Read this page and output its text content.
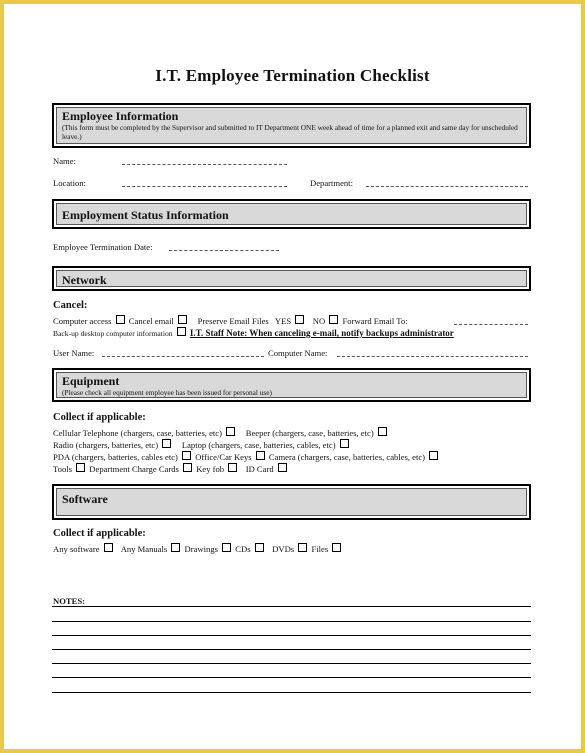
I.T. Employee Termination Checklist
Employee Information
(This form must be completed by the Supervisor and submitted to IT Department ONE week ahead of time for a planned exit and same day for unscheduled leave.)
Name:
Location:	Department:
Employment Status Information
Employee Termination Date:
Network
Cancel:
Computer access Cancel email	Preserve Email Files YES	NO Forward Email To:
Back-up desktop computer information I.T. Staff Note: When canceling e-mail, notify backups administrator
User Name:	Computer Name:
Equipment
(Please check all equipment employee has been issued for personal use)
Collect if applicable:
Cellular Telephone (chargers, case, batteries, etc)	Beeper (chargers, case, batteries, etc)
Radio (chargers, batteries, etc)	Laptop (chargers, case, batteries, cables, etc)
PDA (chargers, batteries, cables etc) Office/Car Keys Camera (chargers, case, batteries, cables, etc)
Tools Department Charge Cards Key fob	ID Card
Software
Collect if applicable:
Any software Any Manuals Drawings CDs	DVDs Files
NOTES:
